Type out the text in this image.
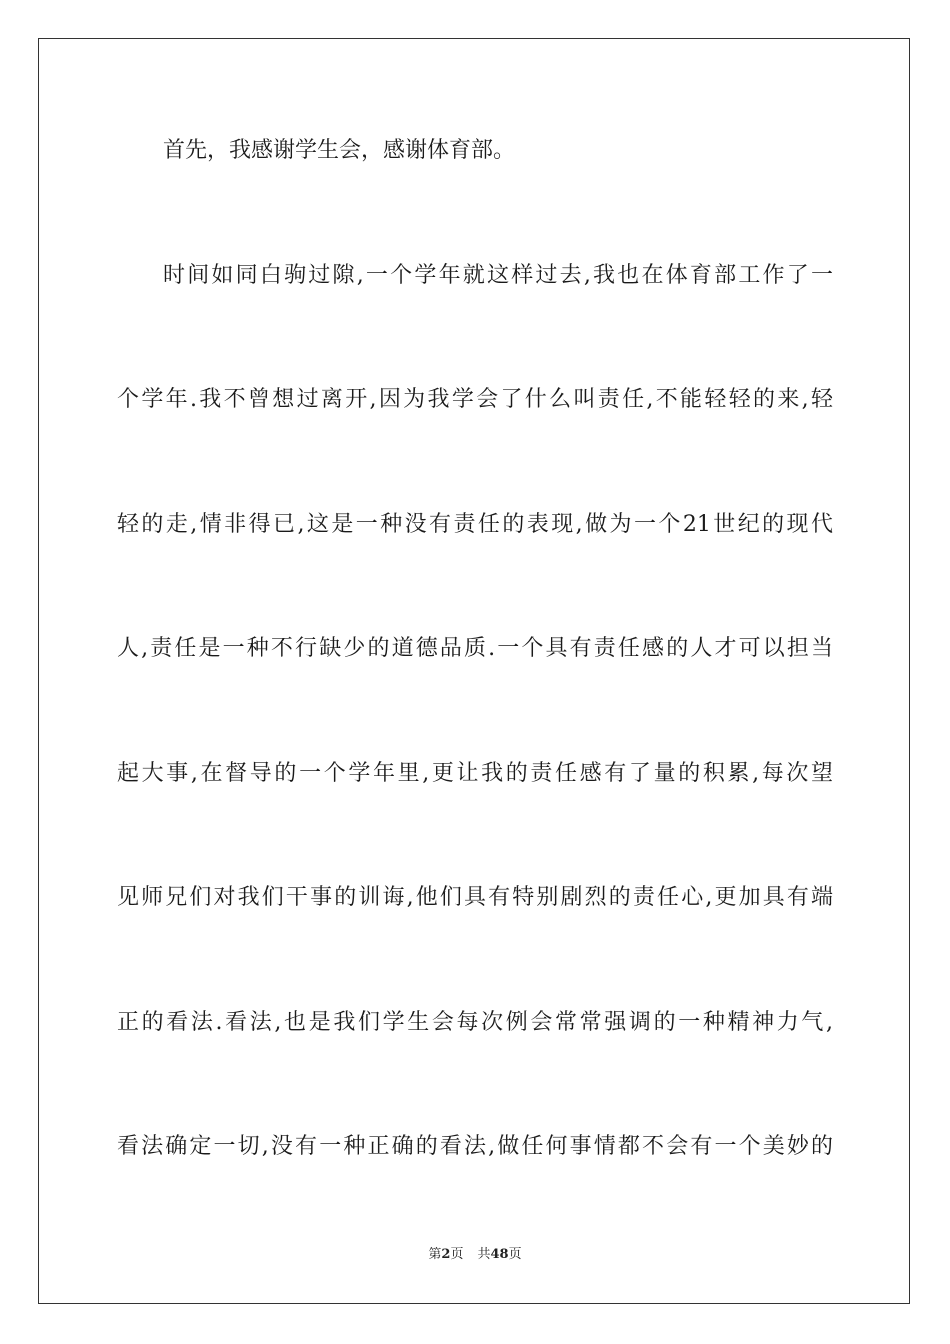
首先，我感谢学生会，感谢体育部。
时间如同白驹过隙,一个学年就这样过去,我也在体育部工作了一
个学年.我不曾想过离开,因为我学会了什么叫责任,不能轻轻的来,轻
轻的走,情非得已,这是一种没有责任的表现,做为一个21世纪的现代
人,责任是一种不行缺少的道德品质.一个具有责任感的人才可以担当
起大事,在督导的一个学年里,更让我的责任感有了量的积累,每次望
见师兄们对我们干事的训诲,他们具有特别剧烈的责任心,更加具有端
正的看法.看法,也是我们学生会每次例会常常强调的一种精神力气,
看法确定一切,没有一种正确的看法,做任何事情都不会有一个美妙的
第2页 共48页
